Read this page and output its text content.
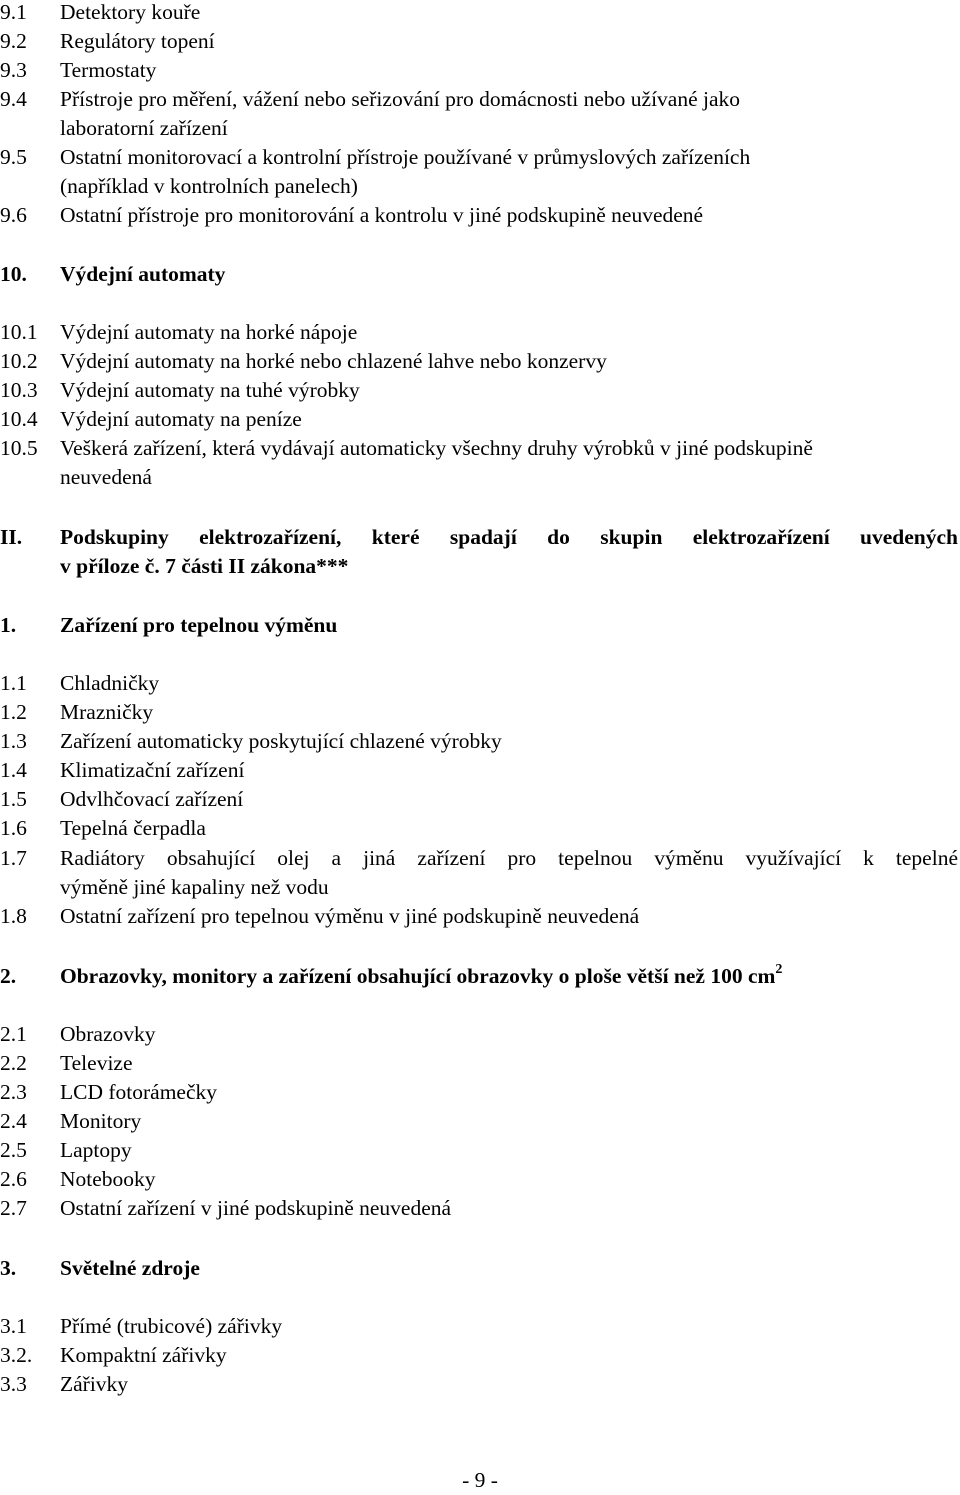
9.1 Detektory kouře
9.2 Regulátory topení
9.3 Termostaty
9.4 Přístroje pro měření, vážení nebo seřizování pro domácnosti nebo užívané jako
laboratorní zařízení
9.5 Ostatní monitorovací a kontrolní přístroje používané v průmyslových zařízeních
(například v kontrolních panelech)
9.6 Ostatní přístroje pro monitorování a kontrolu v jiné podskupině neuvedené
10. Výdejní automaty
10.1 Výdejní automaty na horké nápoje
10.2 Výdejní automaty na horké nebo chlazené lahve nebo konzervy
10.3 Výdejní automaty na tuhé výrobky
10.4 Výdejní automaty na peníze
10.5 Veškerá zařízení, která vydávají automaticky všechny druhy výrobků v jiné podskupině
neuvedená
II. Podskupiny elektrozařízení, které spadají do skupin elektrozařízení uvedených
v příloze č. 7 části II zákona***
1. Zařízení pro tepelnou výměnu
1.1 Chladničky
1.2 Mrazničky
1.3 Zařízení automaticky poskytující chlazené výrobky
1.4 Klimatizační zařízení
1.5 Odvlhčovací zařízení
1.6 Tepelná čerpadla
1.7 Radiátory obsahující olej a jiná zařízení pro tepelnou výměnu využívající k tepelné
výměně jiné kapaliny než vodu
1.8 Ostatní zařízení pro tepelnou výměnu v jiné podskupině neuvedená
2. Obrazovky, monitory a zařízení obsahující obrazovky o ploše větší než 100 $cm^2$
2.1 Obrazovky
2.2 Televize
2.3 LCD fotorámečky
2.4 Monitory
2.5 Laptopy
2.6 Notebooky
2.7 Ostatní zařízení v jiné podskupině neuvedená
3. Světelné zdroje
3.1 Přímé (trubicové) zářivky
3.2. Kompaktní zářivky
3.3 Zářivky
- 9 -
